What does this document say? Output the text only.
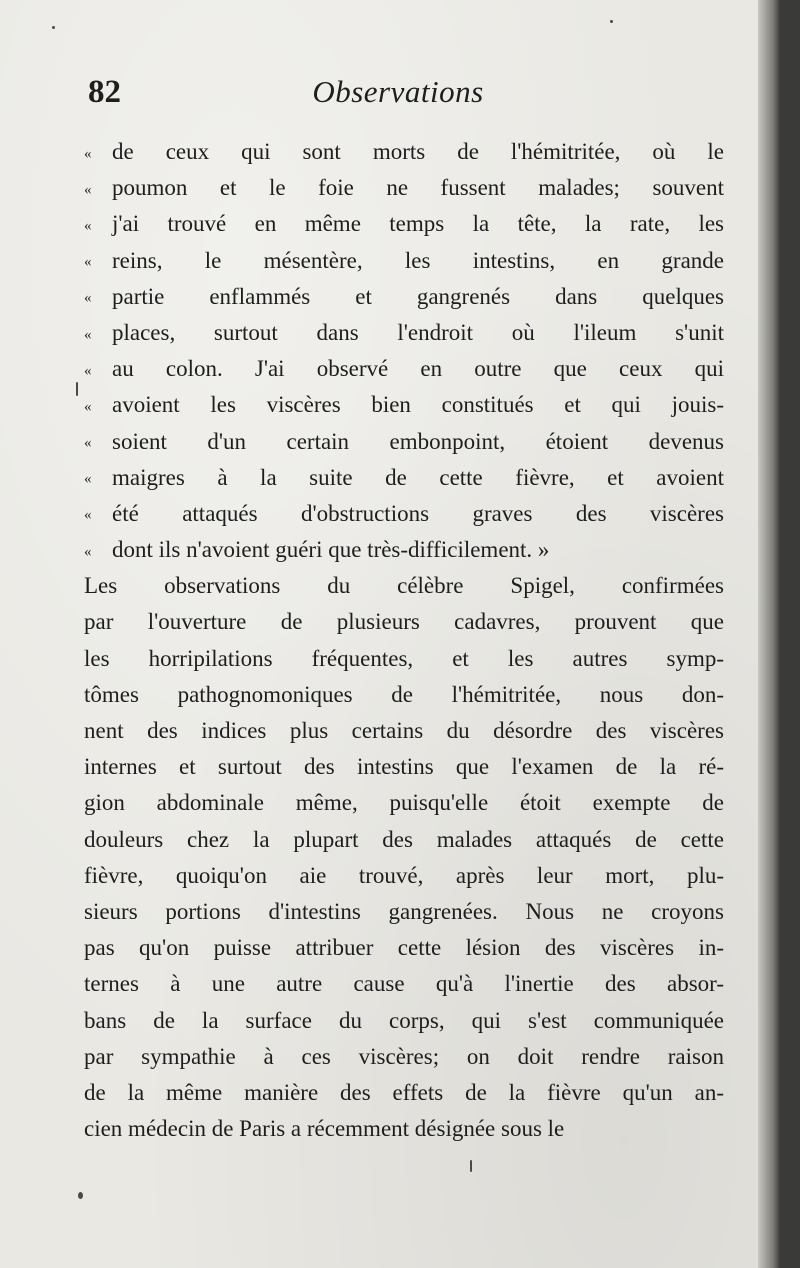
82	Observations
« de ceux qui sont morts de l'hémitritée, où le
« poumon et le foie ne fussent malades; souvent
« j'ai trouvé en même temps la tête, la rate, les
« reins, le mésentère, les intestins, en grande
« partie enflammés et gangrenés dans quelques
« places, surtout dans l'endroit où l'ileum s'unit
« au colon. J'ai observé en outre que ceux qui
« avoient les viscères bien constitués et qui jouis-
« soient d'un certain embonpoint, étoient devenus
« maigres à la suite de cette fièvre, et avoient
« été attaqués d'obstructions graves des viscères
« dont ils n'avoient guéri que très-difficilement. »
Les observations du célèbre Spigel, confirmées
par l'ouverture de plusieurs cadavres, prouvent que
les horripilations fréquentes, et les autres symp-
tômes pathognomoniques de l'hémitritée, nous don-
nent des indices plus certains du désordre des viscères
internes et surtout des intestins que l'examen de la ré-
gion abdominale même, puisqu'elle étoit exempte de
douleurs chez la plupart des malades attaqués de cette
fièvre, quoiqu'on aie trouvé, après leur mort, plu-
sieurs portions d'intestins gangrenées. Nous ne croyons
pas qu'on puisse attribuer cette lésion des viscères in-
ternes à une autre cause qu'à l'inertie des absor-
bans de la surface du corps, qui s'est communiquée
par sympathie à ces viscères; on doit rendre raison
de la même manière des effets de la fièvre qu'un an-
cien médecin de Paris a récemment désignée sous le
